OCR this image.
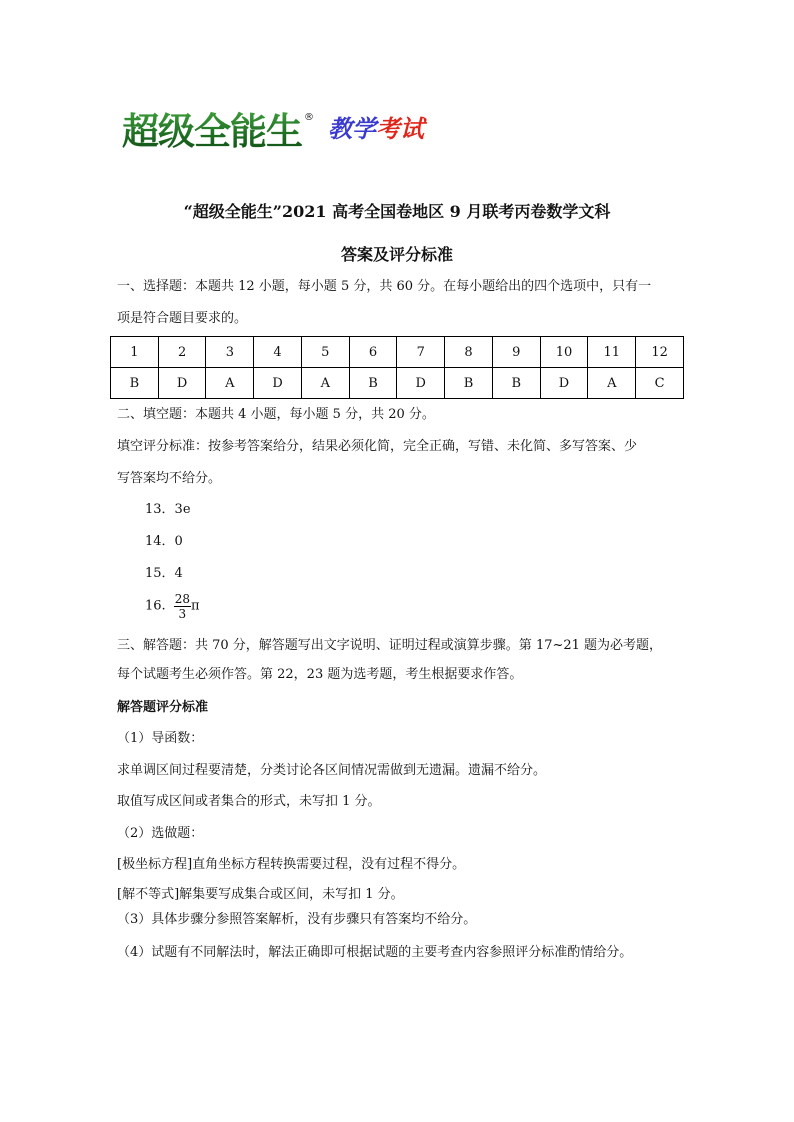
超级全能生 ® 教学考试
“超级全能生”2021 高考全国卷地区 9 月联考丙卷数学文科
答案及评分标准
一、选择题：本题共 12 小题，每小题 5 分，共 60 分。在每小题给出的四个选项中，只有一
项是符合题目要求的。
1	2	3	4	5	6	7	8	9	10	11	12
B	D	A	D	A	B	D	B	B	D	A	C
二、填空题：本题共 4 小题，每小题 5 分，共 20 分。
填空评分标准：按参考答案给分，结果必须化简，完全正确，写错、未化简、多写答案、少
写答案均不给分。
13．3e
14．0
15．4
16. $\frac{28}{3}$ π
三、解答题：共 70 分，解答题写出文字说明、证明过程或演算步骤。第 17~21 题为必考题，
每个试题考生必须作答。第 22，23 题为选考题，考生根据要求作答。
解答题评分标准
（1）导函数：
求单调区间过程要清楚，分类讨论各区间情况需做到无遗漏。遗漏不给分。
取值写成区间或者集合的形式，未写扣 1 分。
（2）选做题：
[极坐标方程]直角坐标方程转换需要过程，没有过程不得分。
[解不等式]解集要写成集合或区间，未写扣 1 分。
（3）具体步骤分参照答案解析，没有步骤只有答案均不给分。
（4）试题有不同解法时，解法正确即可根据试题的主要考查内容参照评分标准酌情给分。
